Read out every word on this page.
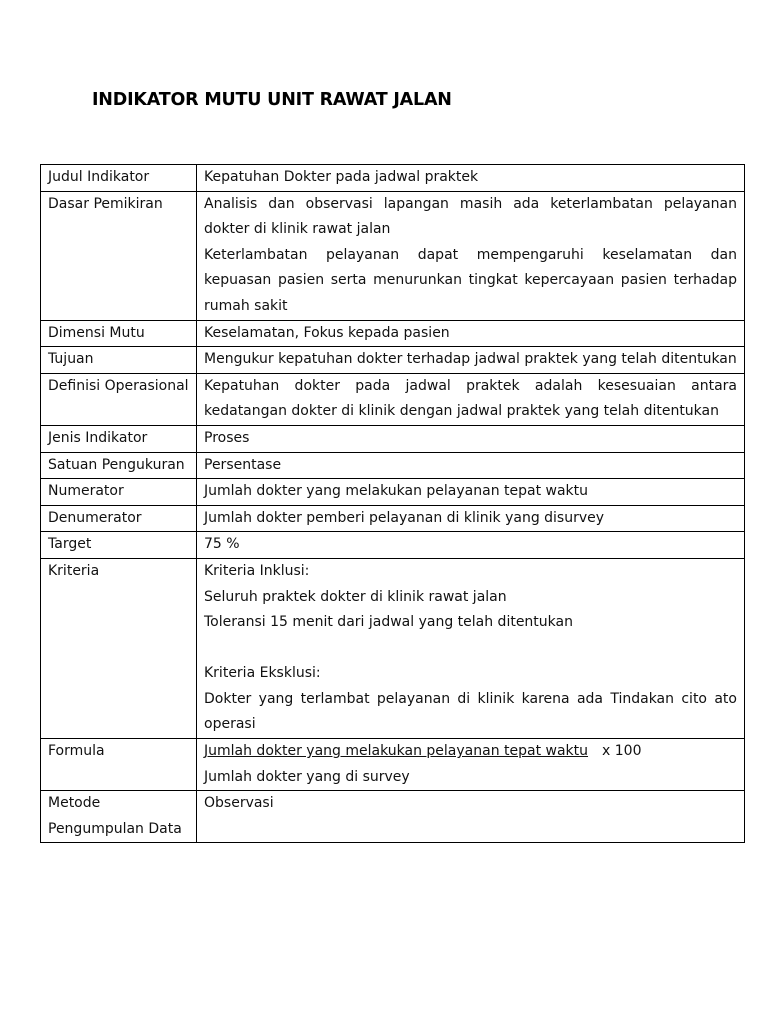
INDIKATOR MUTU UNIT RAWAT JALAN
Judul Indikator	Kepatuhan Dokter pada jadwal praktek
Dasar Pemikiran	Analisis dan observasi lapangan masih ada keterlambatan pelayanan dokter di klinik rawat jalan
Keterlambatan pelayanan dapat mempengaruhi keselamatan dan kepuasan pasien serta menurunkan tingkat kepercayaan pasien terhadap rumah sakit

Dimensi Mutu	Keselamatan, Fokus kepada pasien
Tujuan	Mengukur kepatuhan dokter terhadap jadwal praktek yang telah ditentukan
Definisi Operasional	Kepatuhan dokter pada jadwal praktek adalah kesesuaian antara kedatangan dokter di klinik dengan jadwal praktek yang telah ditentukan
Jenis Indikator	Proses
Satuan Pengukuran	Persentase
Numerator	Jumlah dokter yang melakukan pelayanan tepat waktu
Denumerator	Jumlah dokter pemberi pelayanan di klinik yang disurvey
Target	75 %
Kriteria	Kriteria Inklusi:
Seluruh praktek dokter di klinik rawat jalan
Toleransi 15 menit dari jadwal yang telah ditentukan
Kriteria Eksklusi:
Dokter yang terlambat pelayanan di klinik karena ada Tindakan cito ato operasi

Formula	Jumlah dokter yang melakukan pelayanan tepat waktu x 100
Jumlah dokter yang di survey

Metode Pengumpulan Data	Observasi
